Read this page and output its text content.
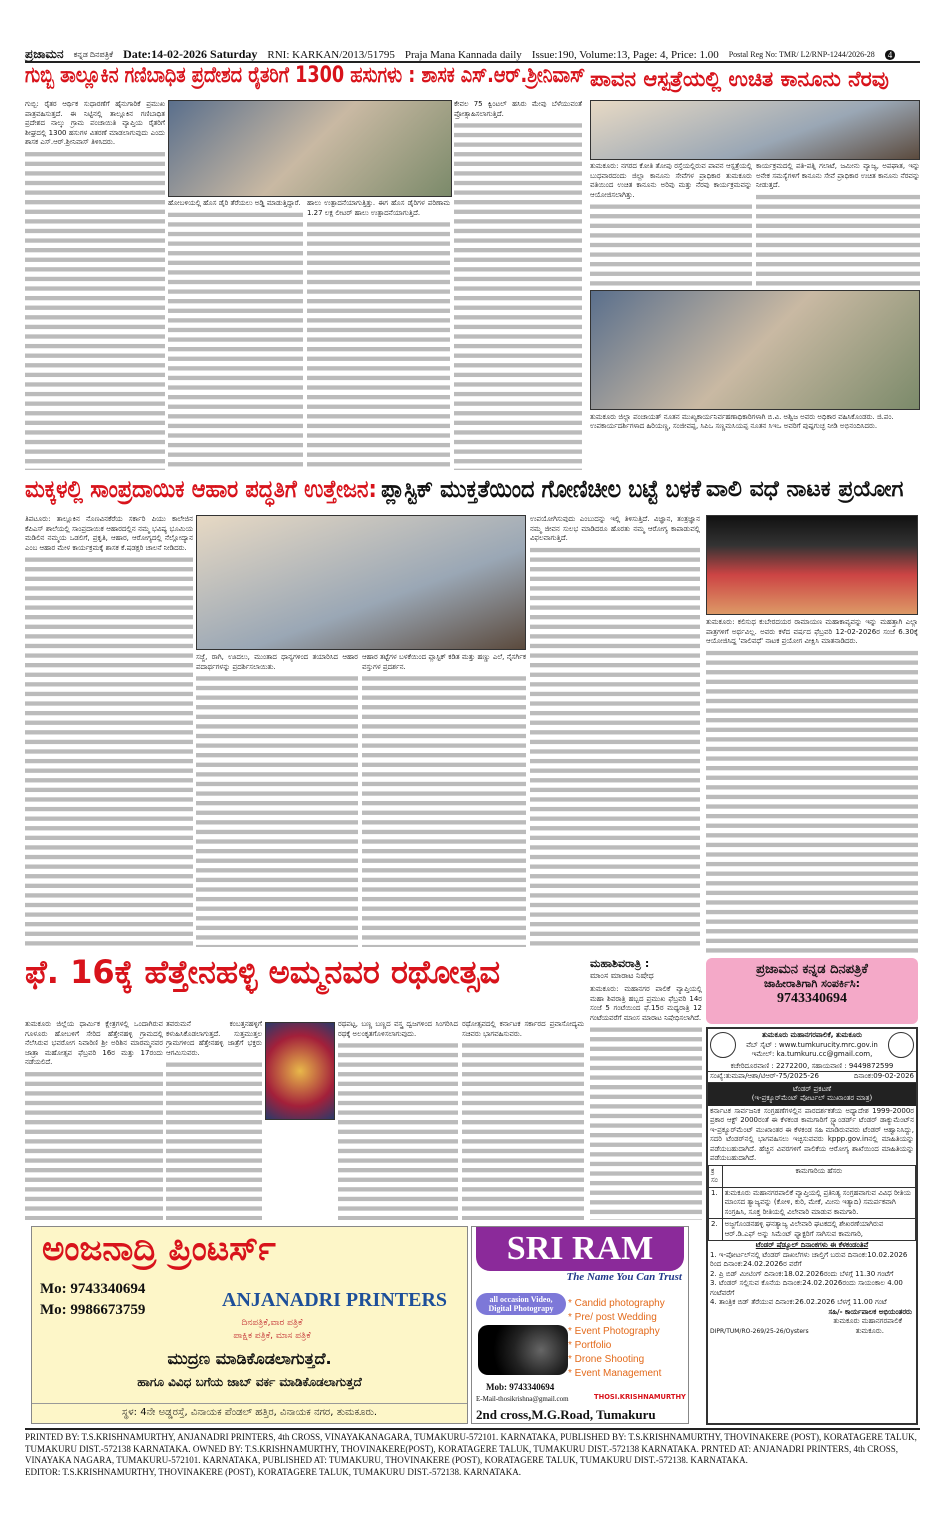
ಪ್ರಜಾಮನ ಕನ್ನಡ ದಿನಪತ್ರಿಕೆ Date:14-02-2026 Saturday RNI: KARKAN/2013/51795 Praja Mana Kannada daily Issue:190, Volume:13, Page: 4, Price: 1.00 Postal Reg No: TMR/ L2/RNP-1244/2026-28	4
ಗುಬ್ಬಿ ತಾಲ್ಲೂಕಿನ ಗಣಿಬಾಧಿತ ಪ್ರದೇಶದ ರೈತರಿಗೆ 1300 ಹಸುಗಳು : ಶಾಸಕ ಎಸ್.ಆರ್.ಶ್ರೀನಿವಾಸ್
ಗುಬ್ಬಿ: ರೈತರ ಆರ್ಥಿಕ ಸುಧಾರಣೆಗೆ ಹೈನುಗಾರಿಕೆ ಪ್ರಮುಖ ಪಾತ್ರವಹಿಸುತ್ತದೆ. ಈ ನಿಟ್ಟಿನಲ್ಲಿ ತಾಲ್ಲೂಕಿನ ಗಣಿಬಾಧಿತ ಪ್ರದೇಶದ ನಾಲ್ಕು ಗ್ರಾಮ ಪಂಚಾಯಿತಿ ವ್ಯಾಪ್ತಿಯ ರೈತರಿಗೆ ಶೀಘ್ರದಲ್ಲಿ 1300 ಹಸುಗಳ ವಿತರಣೆ ಮಾಡಲಾಗುವುದು ಎಂದು ಶಾಸಕ ಎಸ್.ಆರ್.ಶ್ರೀನಿವಾಸ್ ತಿಳಿಸಿದರು.
ಹೋಬಳಿಯಲ್ಲಿ ಹೊಸ ಡೈರಿ ತೆರೆಯಲು ಅಡ್ಡಿ ಮಾಡುತ್ತಿದ್ದಾರೆ. ಹಾಲು ಉತ್ಪಾದನೆಯಾಗುತ್ತಿತ್ತು. ಈಗ ಹೊಸ ಡೈರಿಗಳ ಪರಿಣಾಮ 1.27 ಲಕ್ಷ ಲೀಟರ್ ಹಾಲು ಉತ್ಪಾದನೆಯಾಗುತ್ತಿದೆ.
ಕೇವಲ 75 ಕ್ವಿಂಟಲ್ ಹಸಿರು ಮೇವು ಬೆಳೆಯುವಂತೆ ಪ್ರೋತ್ಸಾಹಿಸಲಾಗುತ್ತಿದೆ.
ಪಾವನ ಆಸ್ಪತ್ರೆಯಲ್ಲಿ ಉಚಿತ ಕಾನೂನು ನೆರವು
ತುಮಕೂರು: ನಗರದ ಕೋತಿ ತೋಪು ರಸ್ತೆಯಲ್ಲಿರುವ ಪಾವನ ಆಸ್ಪತ್ರೆಯಲ್ಲಿ ಬುಧವಾರದಂದು ಜಿಲ್ಲಾ ಕಾನೂನು ಸೇವೆಗಳ ಪ್ರಾಧಿಕಾರ ತುಮಕೂರು ವತಿಯಿಂದ ಉಚಿತ ಕಾನೂನು ಅರಿವು ಮತ್ತು ನೆರವು ಕಾರ್ಯಕ್ರಮವನ್ನು ಆಯೋಜಿಸಲಾಗಿತ್ತು.
ಕಾರ್ಯಕ್ರಮದಲ್ಲಿ ಪತಿ-ಪತ್ನಿ ಗಲಾಟೆ, ಜಮೀನು ವ್ಯಾಜ್ಯ, ಅಪಘಾತ, ಇನ್ನು ಅನೇಕ ಸಮಸ್ಯೆಗಳಿಗೆ ಕಾನೂನು ಸೇವೆ ಪ್ರಾಧಿಕಾರ ಉಚಿತ ಕಾನೂನು ನೆರವನ್ನು ನೀಡುತ್ತದೆ.
ತುಮಕೂರು ಜಿಲ್ಲಾ ಪಂಚಾಯತ್ ನೂತನ ಮುಖ್ಯಕಾರ್ಯನಿರ್ವಹಣಾಧಿಕಾರಿಗಳಾಗಿ ಬಿ.ವಿ. ಅಶ್ವಿಜ ಅವರು ಅಧಿಕಾರ ವಹಿಸಿಕೊಂಡರು. ಜಿ.ಪಂ. ಉಪಕಾರ್ಯದರ್ಶಿಗಳಾದ ಹಿರಿಯಣ್ಣ, ಸಂಜೀವಪ್ಪ, ಸಿಪಿಒ ಸಣ್ಣಮಸಿಯಪ್ಪ ನೂತನ ಸಿಇಒ ಅವರಿಗೆ ಪುಷ್ಪಗುಚ್ಛ ನೀಡಿ ಅಭಿನಂದಿಸಿದರು.
ಮಕ್ಕಳಲ್ಲಿ ಸಾಂಪ್ರದಾಯಿಕ ಆಹಾರ ಪದ್ಧತಿಗೆ ಉತ್ತೇಜನ: ಪ್ಲಾಸ್ಟಿಕ್ ಮುಕ್ತತೆಯಿಂದ ಗೋಣಿಚೀಲ ಬಟ್ಟೆ ಬಳಕೆ
ತಿಪಟೂರು: ತಾಲ್ಲೂಕಿನ ನೊಣವಿನಕೆರೆಯ ಸರ್ಕಾರಿ ಪಿಯು ಕಾಲೇಜಿನ ಕೆಪಿಎಸ್ ಶಾಲೆಯಲ್ಲಿ ಸಾಂಪ್ರದಾಯಿಕ ಆಹಾರದಲ್ಲಿನ ನಮ್ಮ ಭವಿಷ್ಯ ಭೂಮಿಯ ಮಡಿಲಿನ ನಮ್ಮಯ ಒಡಲಿಗೆ, ಪ್ರಕೃತಿ, ಆಹಾರ, ಆರೋಗ್ಯದಲ್ಲಿ ನೆಲ್ಲೋದ್ಯಾನ ಎಂಬ ಆಹಾರ ಮೇಳ ಕಾರ್ಯಕ್ರಮಕ್ಕೆ ಶಾಸಕ ಕೆ.ಷಡಕ್ಷರಿ ಚಾಲನೆ ನೀಡಿದರು.
ಸಜ್ಜೆ, ರಾಗಿ, ಊದಲು, ಮುಂತಾದ ಧಾನ್ಯಗಳಿಂದ ತಯಾರಿಸಿದ ಆಹಾರ ಪದಾರ್ಥಗಳನ್ನು ಪ್ರದರ್ಶಿಸಲಾಯಿತು.
ಆಹಾರ ತಟ್ಟೆಗಳ ಬಳಕೆಯಿಂದ ಪ್ಲಾಸ್ಟಿಕ್ ಕಡಿತ ಮತ್ತು ಹಣ್ಣು ಎಲೆ, ನೈಸರ್ಗಿಕ ವಸ್ತುಗಳ ಪ್ರದರ್ಶನ.
ಉಪಯೋಗಿಸುವುದು ಎಂಬುದನ್ನು ಇಲ್ಲಿ ತಿಳಿಸುತ್ತಿದೆ. ವಿಜ್ಞಾನ, ತಂತ್ರಜ್ಞಾನ ನಮ್ಮ ಜೀವನ ಸುಲಭ ಮಾಡಿದರೂ ಹೊರತು ನಮ್ಮ ಆರೋಗ್ಯ ಕಾಪಾಡುವಲ್ಲಿ ವಿಫಲವಾಗುತ್ತಿದೆ.
ವಾಲಿ ವಧೆ ನಾಟಕ ಪ್ರಯೋಗ
ತುಮಕೂರು: ಕಲಿಸುಧ ಕುಬೇರದಯರ ರಾಮಾಯಣ ಮಹಾಕಾವ್ಯವನ್ನು ಇನ್ನು ಮಹತ್ತಾಗಿ ಎಲ್ಲಾ ಪಾತ್ರಗಳಿಗೆ ಅರ್ಥವಿಲ್ಲ. ಅವರು ಕಳೆದ ವರ್ಷದ ಫೆಬ್ರವರಿ 12-02-2026ರ ಸಂಜೆ 6.30ಕ್ಕೆ ಆಯೋಜಿಸಿದ್ದ 'ವಾಲಿವಧೆ' ನಾಟಕ ಪ್ರಯೋಗ ವೀಕ್ಷಿಸಿ ಮಾತನಾಡಿದರು.
ಫೆ. 16ಕ್ಕೆ ಹೆತ್ತೇನಹಳ್ಳಿ ಅಮ್ಮನವರ ರಥೋತ್ಸವ
ತುಮಕೂರು ಜಿಲ್ಲೆಯ ಧಾರ್ಮಿಕ ಕ್ಷೇತ್ರಗಳಲ್ಲಿ ಒಂದಾಗಿರುವ ಗೂಳೂರು ಹೋಬಳಿಗೆ ಸೇರಿದ ಹೆತ್ತೇನಹಳ್ಳಿ ಗ್ರಾಮದಲ್ಲಿ ನೆಲೆಸಿರುವ ಭವರೋಗ ನಿವಾರಿಣಿ ಶ್ರೀ ಅರಿಶಿನ ಮಾರಮ್ಮನವರ ಜಾತ್ರಾ ಮಹೋತ್ಸವ ಫೆಬ್ರವರಿ 16ರ ಮತ್ತು 17ರಂದು ನಡೆಯಲಿದೆ.
ತವರುಮನೆ ಕಂಬತ್ತನಹಳ್ಳಿಗೆ ಕಳುಹಿಸಿಕೊಡಲಾಗುತ್ತದೆ. ಸುತ್ತಮುತ್ತಲ ಗ್ರಾಮಗಳಿಂದ ಹೆತ್ತೇನಹಳ್ಳಿ ಜಾತ್ರೆಗೆ ಭಕ್ತರು ಆಗಮಿಸುವರು.
ರಥಪಟ್ಟ, ಬಣ್ಣ ಬಣ್ಣದ ವಸ್ತ್ರ ದ್ವಜಗಳಿಂದ ಸಿಂಗರಿಸಿದ ರಥಕ್ಕೆ ಅಲಂಕೃತಗೊಳಿಸಲಾಗುವುದು.
ರಥೋತ್ಸವದಲ್ಲಿ ಕರ್ನಾಟಕ ಸರ್ಕಾರದ ಪ್ರವಾಸೋದ್ಯಮ ಸಚಿವರು ಭಾಗವಹಿಸುವರು.
ಮಹಾಶಿವರಾತ್ರಿ :
ಮಾಂಸ ಮಾರಾಟ ನಿಷೇಧ
ತುಮಕೂರು: ಮಹಾನಗರ ಪಾಲಿಕೆ ವ್ಯಾಪ್ತಿಯಲ್ಲಿ ಮಹಾ ಶಿವರಾತ್ರಿ ಹಬ್ಬದ ಪ್ರಮುಖ ಫೆಬ್ರವರಿ 14ರ ಸಂಜೆ 5 ಗಂಟೆಯಿಂದ ಫೆ.15ರ ಮಧ್ಯರಾತ್ರಿ 12 ಗಂಟೆಯವರೆಗೆ ಮಾಂಸ ಮಾರಾಟ ನಿಷೇಧಿಸಲಾಗಿದೆ.
ಪ್ರಜಾಮನ ಕನ್ನಡ ದಿನಪತ್ರಿಕೆ
ಜಾಹೀರಾತಿಗಾಗಿ ಸಂಪರ್ಕಿಸಿ:
9743340694
ತುಮಕೂರು ಮಹಾನಗರಪಾಲಿಕೆ, ತುಮಕೂರು
ವೆಬ್ ಸೈಟ್ : www.tumkurucity.mrc.gov.in
ಇಮೇಲ್: ka.tumkuru.cc@gmail.com,
ಕಚೇರಿದೂರವಾಣಿ : 2272200, ಸಹಾಯವಾಣಿ : 9449872599
ಸಂಖ್ಯೆ:ತುಮಪಾ/ಆಶಾ/ಟಿಆರ್-75/2025-26	ದಿನಾಂಕ:09-02-2026
ಟೆಂಡರ್ ಪ್ರಕಟಣೆ
(ಇ-ಪ್ರಕ್ಯೂರ್‌ಮೆಂಟ್ ಪೋರ್ಟಲ್ ಮುಖಾಂತರ ಮಾತ್ರ)
ಕರ್ನಾಟಕ ಸಾರ್ವಜನಿಕ ಸಂಗ್ರಹಣೆಗಳಲ್ಲಿನ ಪಾರದರ್ಶಕತೆಯ ಅಧ್ಯಾದೇಶ 1999-2000ರ ಪ್ರಕಾರ ಆಕ್ಟ್ 2000ರಂತೆ ಈ ಕೆಳಕಂಡ ಕಾಮಗಾರಿಗೆ ಸ್ಟ್ಯಾಂಡರ್ಡ್ ಟೆಂಡರ್ ಡಾಕ್ಯುಮೆಂಟ್‌ನ ಇ-ಪ್ರಕ್ಯೂರ್‌ಮೆಂಟ್ ಮುಖಾಂತರ ಈ ಕೆಳಕಂಡ ಸಹಿ ಮಾಡಿರುವವರು ಟೆಂಡರ್ ಆಹ್ವಾನಿಸಿದ್ದು, ಸದರಿ ಟೆಂಡರ್‌ನಲ್ಲಿ ಭಾಗವಹಿಸಲು ಇಚ್ಛಿಸುವವರು kppp.gov.inನಲ್ಲಿ ಮಾಹಿತಿಯನ್ನು ಪಡೆಯಬಹುದಾಗಿದೆ. ಹೆಚ್ಚಿನ ವಿವರಗಳಿಗೆ ಪಾಲಿಕೆಯ ಆರೋಗ್ಯ ಶಾಖೆಯಿಂದ ಮಾಹಿತಿಯನ್ನು ಪಡೆಯಬಹುದಾಗಿದೆ.
ಕ್ರ ಸಂ	ಕಾಮಗಾರಿಯ ಹೆಸರು
1.	ತುಮಕೂರು ಮಹಾನಗರಪಾಲಿಕೆ ವ್ಯಾಪ್ತಿಯಲ್ಲಿ ಪ್ರತಿನಿತ್ಯ ಸಂಗ್ರಹವಾಗುವ ವಿವಿಧ ರೀತಿಯ ಮಾಂಸದ ತ್ಯಾಜ್ಯವನ್ನು (ಕೋಳಿ, ಕುರಿ, ಮೇಕೆ, ಮೀನು ಇತ್ಯಾದಿ) ಸಮರ್ಪಕವಾಗಿ ಸಂಗ್ರಹಿಸಿ, ಸೂಕ್ತ ರೀತಿಯಲ್ಲಿ ವಿಲೇವಾರಿ ಮಾಡುವ ಕಾಮಗಾರಿ.
2.	ಅಜ್ಜಗೊಂಡನಹಳ್ಳಿ ಘನತ್ಯಾಜ್ಯ ವಿಲೇವಾರಿ ಘಟಕದಲ್ಲಿ ಶೇಖರಣೆಯಾಗಿರುವ ಆರ್.ಡಿ.ಎಫ್ ಅನ್ನು ಸಿಮೆಂಟ್ ಫ್ಯಾಕ್ಟರಿಗೆ ಸಾಗಿಸುವ ಕಾಮಗಾರಿ,
ಟೆಂಡರ್ ಷೆಡ್ಯೂಲ್ ದಿನಾಂಕಗಳು ಈ ಕೆಳಕಂಡಂತಿವೆ
1. ಇ-ಪೋರ್ಟಲ್‌ನಲ್ಲಿ ಟೆಂಡರ್ ದಾಖಲೆಗಳು ಚಾಲ್ತಿಗೆ ಬರುವ ದಿನಾಂಕ:10.02.2026 ರಿಂದ ದಿನಾಂಕ:24.02.2026ರ ವರೆಗೆ
2. ಪ್ರಿ ಬಿಡ್ ಮೀಟಿಂಗ್ ದಿನಾಂಕ:18.02.2026ರಂದು ಬೆಳಗ್ಗೆ 11.30 ಗಂಟೆಗೆ
3. ಟೆಂಡರ್ ಸಲ್ಲಿಸುವ ಕೊನೆಯ ದಿನಾಂಕ:24.02.2026ರಂದು ಸಾಯಂಕಾಲ 4.00 ಗಂಟೆವರೆಗೆ
4. ತಾಂತ್ರಿಕ ಬಿಡ್ ತೆರೆಯುವ ದಿನಾಂಕ:26.02.2026 ಬೆಳಗ್ಗೆ 11.00 ಗಂಟೆ
ಸಹಿ/- ಕಾರ್ಯಪಾಲಕ ಅಭಿಯಂತರರು
ತುಮಕೂರು ಮಹಾನಗರಪಾಲಿಕೆ
DIPR/TUM/RO-269/25-26/Oysters	ತುಮಕೂರು.
ಅಂಜನಾದ್ರಿ ಪ್ರಿಂಟರ್ಸ್
Mo: 9743340694
Mo: 9986673759	ANJANADRI PRINTERS
ದಿನಪತ್ರಿಕೆ,ವಾರ ಪತ್ರಿಕೆ
ಪಾಕ್ಷಿಕ ಪತ್ರಿಕೆ, ಮಾಸ ಪತ್ರಿಕೆ
ಮುದ್ರಣ ಮಾಡಿಕೊಡಲಾಗುತ್ತದೆ.
ಹಾಗೂ ವಿವಿಧ ಬಗೆಯ ಜಾಬ್ ವರ್ಕ ಮಾಡಿಕೊಡಲಾಗುತ್ತದೆ
ಸ್ಥಳ: 4ನೇ ಅಡ್ಡರಸ್ತೆ, ವಿನಾಯಕ ಪೆಂಡಲ್ ಹತ್ತಿರ, ವಿನಾಯಕ ನಗರ, ತುಮಕೂರು.
SRI RAM
The Name You Can Trust
all occasion Video, Digital Photograpy	* Candid photography
* Pre/ post Wedding
* Event Photography
* Portfolio
* Drone Shooting
* Event Management
Mob: 9743340694
E-Mail-thosikrishna@gmail.com	THOSI.KRISHNAMURTHY
2nd cross,M.G.Road, Tumakuru
PRINTED BY: T.S.KRISHNAMURTHY, ANJANADRI PRINTERS, 4th CROSS, VINAYAKANAGARA, TUMAKURU-572101. KARNATAKA, PUBLISHED BY: T.S.KRISHNAMURTHY, THOVINAKERE (POST), KORATAGERE TALUK, TUMAKURU DIST.-572138 KARNATAKA. OWNED BY: T.S.KRISHNAMURTHY, THOVINAKERE(POST), KORATAGERE TALUK, TUMAKURU DIST.-572138 KARNATAKA. PRNTED AT: ANJANADRI PRINTERS, 4th CROSS, VINAYAKA NAGARA, TUMAKURU-572101. KARNATAKA, PUBLISHED AT: TUMAKURU, THOVINAKERE (POST), KORATAGERE TALUK, TUMAKURU DIST.-572138. KARNATAKA.
EDITOR: T.S.KRISHNAMURTHY, THOVINAKERE (POST), KORATAGERE TALUK, TUMAKURU DIST.-572138. KARNATAKA.
